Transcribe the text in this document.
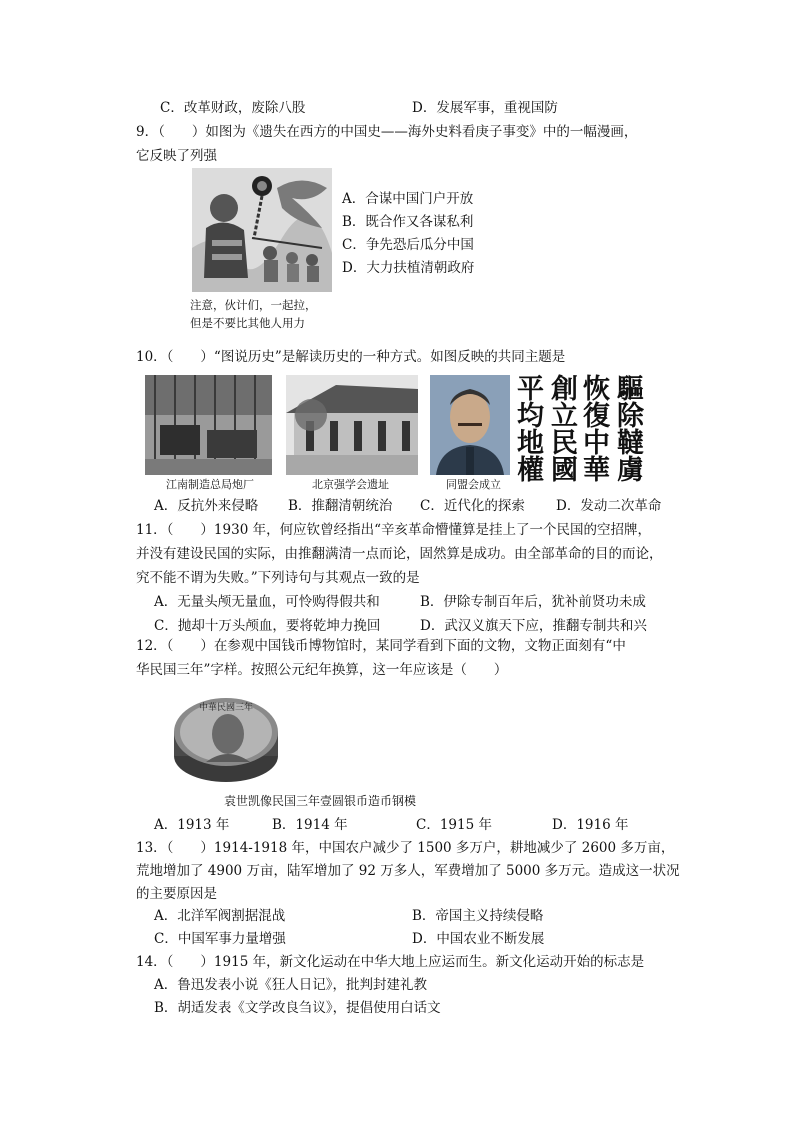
C．改革财政，废除八股	D．发展军事，重视国防
9．（　　）如图为《遗失在西方的中国史——海外史料看庚子事变》中的一幅漫画，
它反映了列强
A．合谋中国门户开放
B．既合作又各谋私利
C．争先恐后瓜分中国
D．大力扶植清朝政府
注意，伙计们，一起拉，
但是不要比其他人用力
10．（　　）“图说历史”是解读历史的一种方式。如图反映的共同主题是
江南制造总局炮厂	北京强学会遗址	同盟会成立
驅除韃虜
恢復中華
創立民國
平均地權
A．反抗外来侵略 B．推翻清朝统治 C．近代化的探索 D．发动二次革命
11．（　　）1930 年，何应钦曾经指出“辛亥革命懵懂算是挂上了一个民国的空招牌，
并没有建设民国的实际，由推翻满清一点而论，固然算是成功。由全部革命的目的而论，
究不能不谓为失败。”下列诗句与其观点一致的是
A．无量头颅无量血，可怜购得假共和	B．伊除专制百年后，犹补前贤功未成
C．抛却十万头颅血，要将乾坤力挽回	D．武汉义旗天下应，推翻专制共和兴
12．（　　）在参观中国钱币博物馆时，某同学看到下面的文物，文物正面刻有“中
华民国三年”字样。按照公元纪年换算，这一年应该是（　　）
中華民國三年
袁世凯像民国三年壹圆银币造币钢模
A．1913 年	B．1914 年	C．1915 年	D．1916 年
13．（　　）1914-1918 年，中国农户减少了 1500 多万户，耕地减少了 2600 多万亩，
荒地增加了 4900 万亩，陆军增加了 92 万多人，军费增加了 5000 多万元。造成这一状况
的主要原因是
A．北洋军阀割据混战	B．帝国主义持续侵略
C．中国军事力量增强	D．中国农业不断发展
14．（　　）1915 年，新文化运动在中华大地上应运而生。新文化运动开始的标志是
A．鲁迅发表小说《狂人日记》，批判封建礼教
B．胡适发表《文学改良刍议》，提倡使用白话文
